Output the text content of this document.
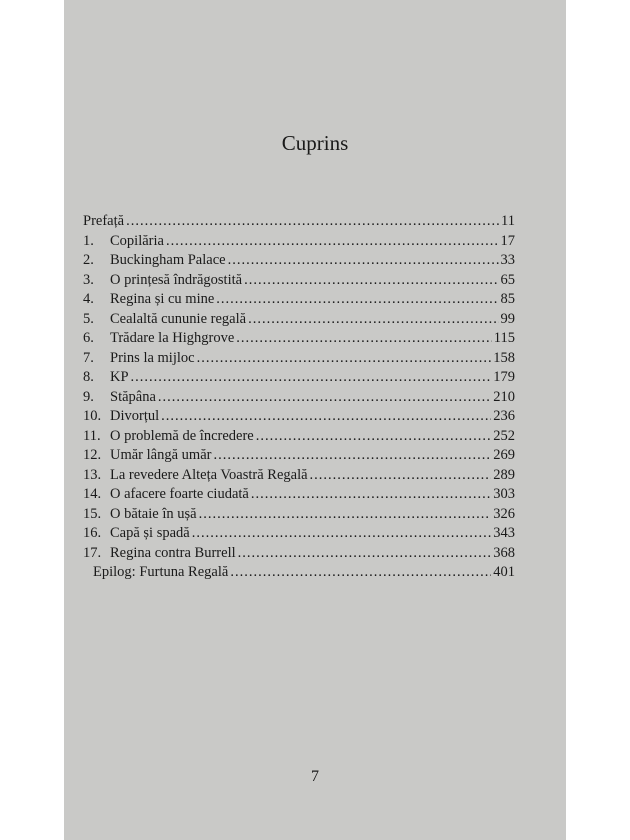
Cuprins
Prefață .....	11
1.	Copilăria .....	17
2.	Buckingham Palace .....	33
3.	O prințesă îndrăgostită .....	65
4.	Regina și cu mine .....	85
5.	Cealaltă cununie regală .....	99
6.	Trădare la Highgrove .....	115
7.	Prins la mijloc .....	158
8.	KP .....	179
9.	Stăpâna .....	210
10. Divorțul .....	236
11. O problemă de încredere .....	252
12. Umăr lângă umăr .....	269
13. La revedere Alteța Voastră Regală .....	289
14. O afacere foarte ciudată .....	303
15. O bătaie în ușă .....	326
16. Capă și spadă .....	343
17. Regina contra Burrell .....	368
Epilog: Furtuna Regală .....	401
7
